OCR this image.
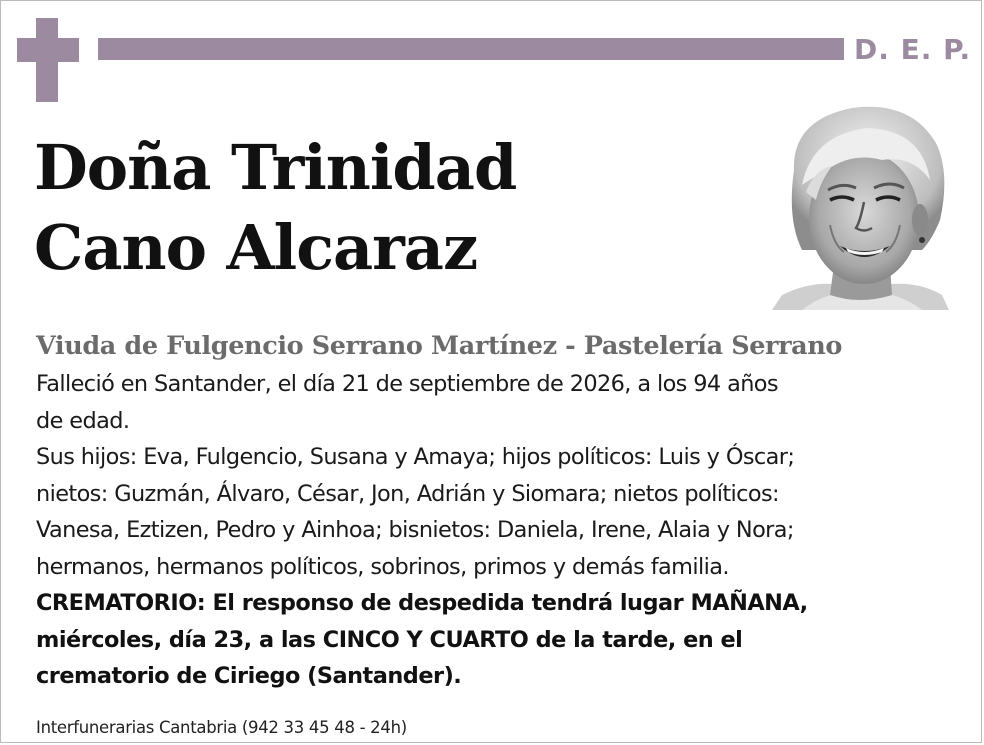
D. E. P.
Doña Trinidad
Cano Alcaraz
Viuda de Fulgencio Serrano Martínez - Pastelería Serrano

Falleció en Santander, el día 21 de septiembre de 2026, a los 94 años

de edad.

Sus hijos: Eva, Fulgencio, Susana y Amaya; hijos políticos: Luis y Óscar;

nietos: Guzmán, Álvaro, César, Jon, Adrián y Siomara; nietos políticos:

Vanesa, Eztizen, Pedro y Ainhoa; bisnietos: Daniela, Irene, Alaia y Nora;

hermanos, hermanos políticos, sobrinos, primos y demás familia.

CREMATORIO: El responso de despedida tendrá lugar MAÑANA,

miércoles, día 23, a las CINCO Y CUARTO de la tarde, en el

crematorio de Ciriego (Santander).

Interfunerarias Cantabria (942 33 45 48 - 24h)
